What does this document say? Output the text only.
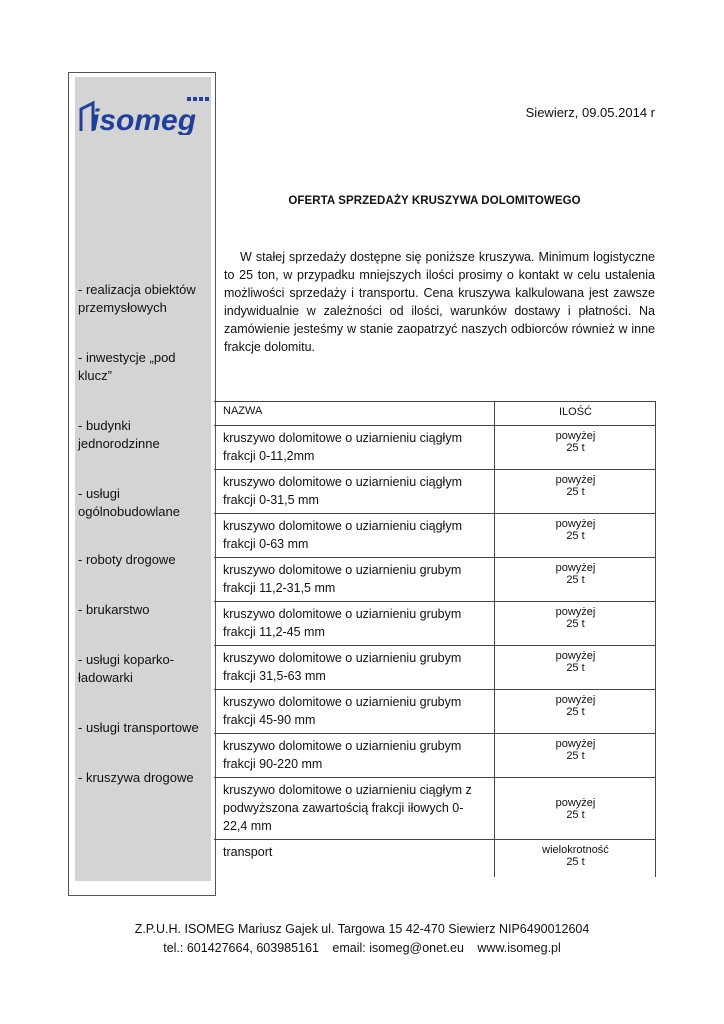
isomeg
- realizacja obiektów przemysłowych
- inwestycje „pod klucz”
- budynki jednorodzinne
- usługi ogólnobudowlane
- roboty drogowe
- brukarstwo
- usługi koparko-ładowarki
- usługi transportowe
- kruszywa drogowe
Siewierz, 09.05.2014 r
OFERTA SPRZEDAŻY KRUSZYWA DOLOMITOWEGO

W stałej sprzedaży dostępne się poniższe kruszywa. Minimum logistyczne to 25 ton, w przypadku mniejszych ilości prosimy o kontakt w celu ustalenia możliwości sprzedaży i transportu. Cena kruszywa kalkulowana jest zawsze indywidualnie w zależności od ilości, warunków dostawy i płatności. Na zamówienie jesteśmy w stanie zaopatrzyć naszych odbiorców również w inne frakcje dolomitu.

NAZWA	ILOŚĆ
kruszywo dolomitowe o uziarnieniu ciągłym frakcji 0-11,2mm	powyżej
25 t

kruszywo dolomitowe o uziarnieniu ciągłym frakcji 0-31,5 mm	powyżej
25 t

kruszywo dolomitowe o uziarnieniu ciągłym frakcji 0-63 mm	powyżej
25 t

kruszywo dolomitowe o uziarnieniu grubym frakcji 11,2-31,5 mm	powyżej
25 t

kruszywo dolomitowe o uziarnieniu grubym frakcji 11,2-45 mm	powyżej
25 t

kruszywo dolomitowe o uziarnieniu grubym frakcji 31,5-63 mm	powyżej
25 t

kruszywo dolomitowe o uziarnieniu grubym frakcji 45-90 mm	powyżej
25 t

kruszywo dolomitowe o uziarnieniu grubym frakcji 90-220 mm	powyżej
25 t

kruszywo dolomitowe o uziarnieniu ciągłym z podwyższona zawartością frakcji iłowych 0-22,4 mm	powyżej
25 t

transport	wielokrotność
25 t
Z.P.U.H. ISOMEG Mariusz Gajek ul. Targowa 15 42-470 Siewierz NIP6490012604
tel.: 601427664, 603985161 email: isomeg@onet.eu www.isomeg.pl
